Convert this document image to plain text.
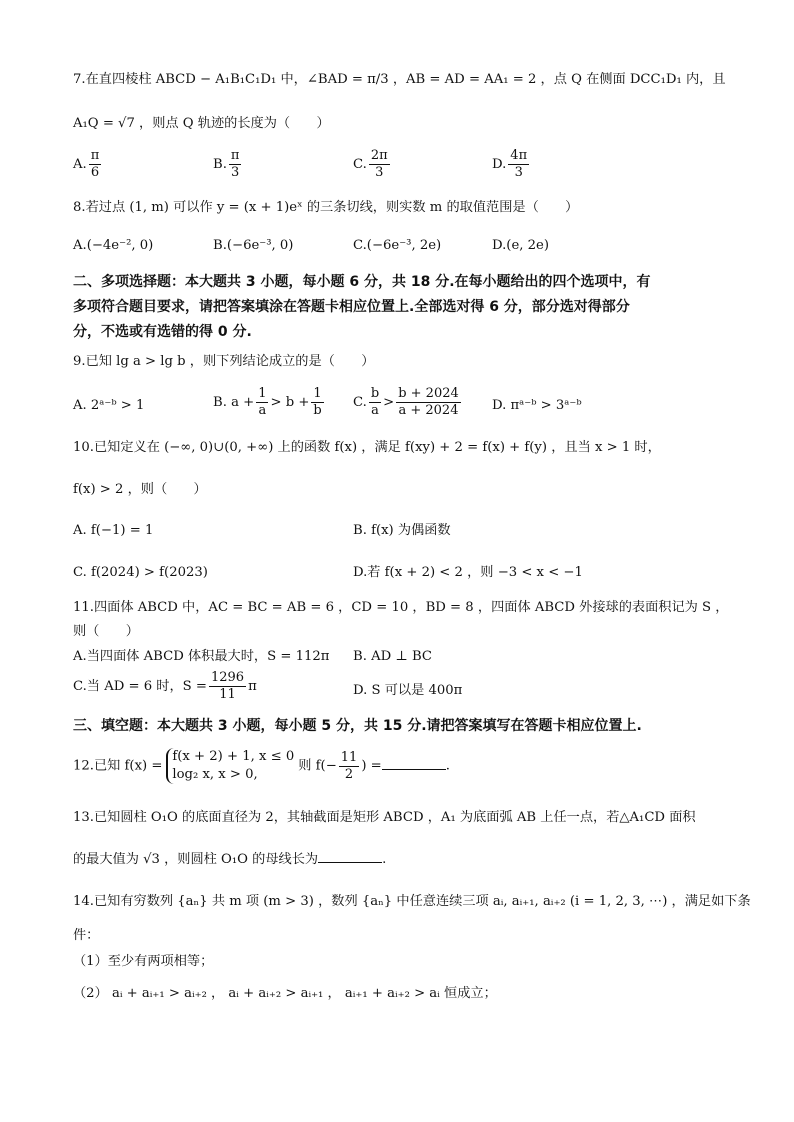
7.在直四棱柱 ABCD − A₁B₁C₁D₁ 中，∠BAD = π/3 ，AB = AD = AA₁ = 2 ，点 Q 在侧面 DCC₁D₁ 内，且
A₁Q = √7 ，则点 Q 轨迹的长度为（　　）
A. $\frac{\pi}{6}$	B. $\frac{\pi}{3}$	C. $\frac{2\pi}{3}$	D. $\frac{4\pi}{3}$
8.若过点 (1, m) 可以作 y = (x + 1)eˣ 的三条切线，则实数 m 的取值范围是（　　）
A.(−4e⁻², 0)	B.(−6e⁻³, 0)	C.(−6e⁻³, 2e)	D.(e, 2e)
二、多项选择题：本大题共 3 小题，每小题 6 分，共 18 分.在每小题给出的四个选项中，有
多项符合题目要求，请把答案填涂在答题卡相应位置上.全部选对得 6 分，部分选对得部分
分，不选或有选错的得 0 分.
9.已知 lg a > lg b ，则下列结论成立的是（　　）
A. 2ᵃ⁻ᵇ > 1	B. $a + \frac{1}{a} > b + \frac{1}{b} C$. $\frac{b}{a} > \frac{b + 2024}{a + 2024} D$. πᵃ⁻ᵇ > 3ᵃ⁻ᵇ
10.已知定义在 (−∞, 0)∪(0, +∞) 上的函数 f(x) ，满足 f(xy) + 2 = f(x) + f(y) ，且当 x > 1 时，
f(x) > 2 ，则（　　）
A. f(−1) = 1	B. f(x) 为偶函数
C. f(2024) > f(2023)	D.若 f(x + 2) < 2 ，则 −3 < x < −1
11.四面体 ABCD 中，AC = BC = AB = 6 ，CD = 10 ，BD = 8 ，四面体 ABCD 外接球的表面积记为 S ，
则（　　）
A.当四面体 ABCD 体积最大时，S = 112π B. AD ⊥ BC
C.当 AD = 6 时，$S = \frac{1296}{11}$ π	D. S 可以是 400π
三、填空题：本大题共 3 小题，每小题 5 分，共 15 分.请把答案填写在答题卡相应位置上.
12.已知 f(x) =
f(x + 2) + 1, x ≤ 0
log₂ x, x > 0,
则 $f(- \frac{11}{2}$ ) =	.
13.已知圆柱 O₁O 的底面直径为 2，其轴截面是矩形 ABCD ，A₁ 为底面弧 AB 上任一点，若△A₁CD 面积
的最大值为 √3 ，则圆柱 O₁O 的母线长为	.
14.已知有穷数列 {aₙ} 共 m 项 (m > 3) ，数列 {aₙ} 中任意连续三项 aᵢ, aᵢ₊₁, aᵢ₊₂ (i = 1, 2, 3, ⋯) ，满足如下条
件：
（1）至少有两项相等；
（2） aᵢ + aᵢ₊₁ > aᵢ₊₂ ， aᵢ + aᵢ₊₂ > aᵢ₊₁ ， aᵢ₊₁ + aᵢ₊₂ > aᵢ 恒成立；
